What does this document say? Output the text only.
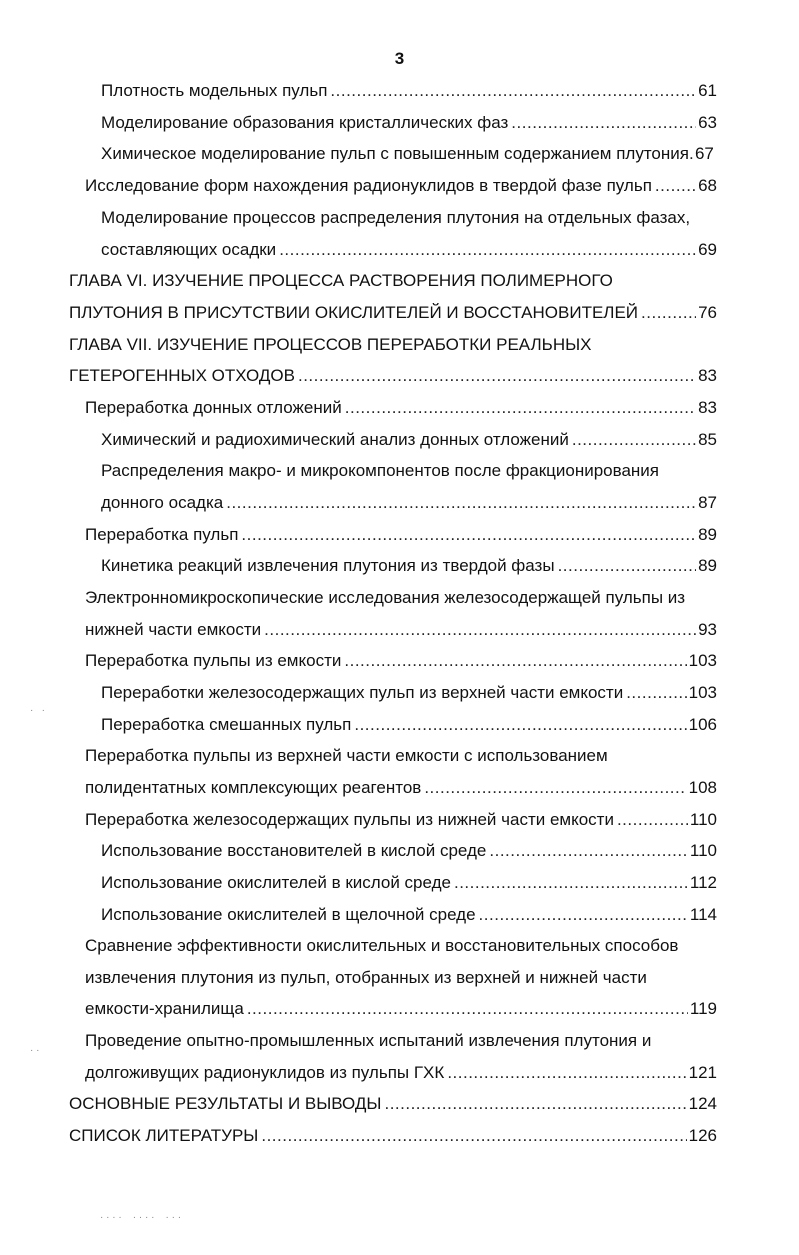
3
Плотность модельных пульп .....	61
Моделирование образования кристаллических фаз .....	63
Химическое моделирование пульп с повышенным содержанием плутония ..... 67
Исследование форм нахождения радионуклидов в твердой фазе пульп .....	68
Моделирование процессов распределения плутония на отдельных фазах,
составляющих осадки .....	69
ГЛАВА VI. ИЗУЧЕНИЕ ПРОЦЕССА РАСТВОРЕНИЯ ПОЛИМЕРНОГО
ПЛУТОНИЯ В ПРИСУТСТВИИ ОКИСЛИТЕЛЕЙ И ВОССТАНОВИТЕЛЕЙ .....	76
ГЛАВА VII. ИЗУЧЕНИЕ ПРОЦЕССОВ ПЕРЕРАБОТКИ РЕАЛЬНЫХ
ГЕТЕРОГЕННЫХ ОТХОДОВ .....	83
Переработка донных отложений .....	83
Химический и радиохимический анализ донных отложений .....	85
Распределения макро- и микрокомпонентов после фракционирования
донного осадка .....	87
Переработка пульп .....	89
Кинетика реакций извлечения плутония из твердой фазы .....	89
Электронномикроскопические исследования железосодержащей пульпы из
нижней части емкости .....	93
Переработка пульпы из емкости .....	103
Переработки железосодержащих пульп из верхней части емкости .....	103
Переработка смешанных пульп .....	106
Переработка пульпы из верхней части емкости с использованием
полидентатных комплексующих реагентов .....	108
Переработка железосодержащих пульпы из нижней части емкости .....	110
Использование восстановителей в кислой среде .....	110
Использование окислителей в кислой среде .....	112
Использование окислителей в щелочной среде .....	114
Сравнение эффективности окислительных и восстановительных способов
извлечения плутония из пульп, отобранных из верхней и нижней части
емкости-хранилища .....	119
Проведение опытно-промышленных испытаний извлечения плутония и
долгоживущих радионуклидов из пульпы ГХК .....	121
ОСНОВНЫЕ РЕЗУЛЬТАТЫ И ВЫВОДЫ .....	124
СПИСОК ЛИТЕРАТУРЫ .....	126
·   ·
· ·
· · · ·    · · · ·    · · ·
